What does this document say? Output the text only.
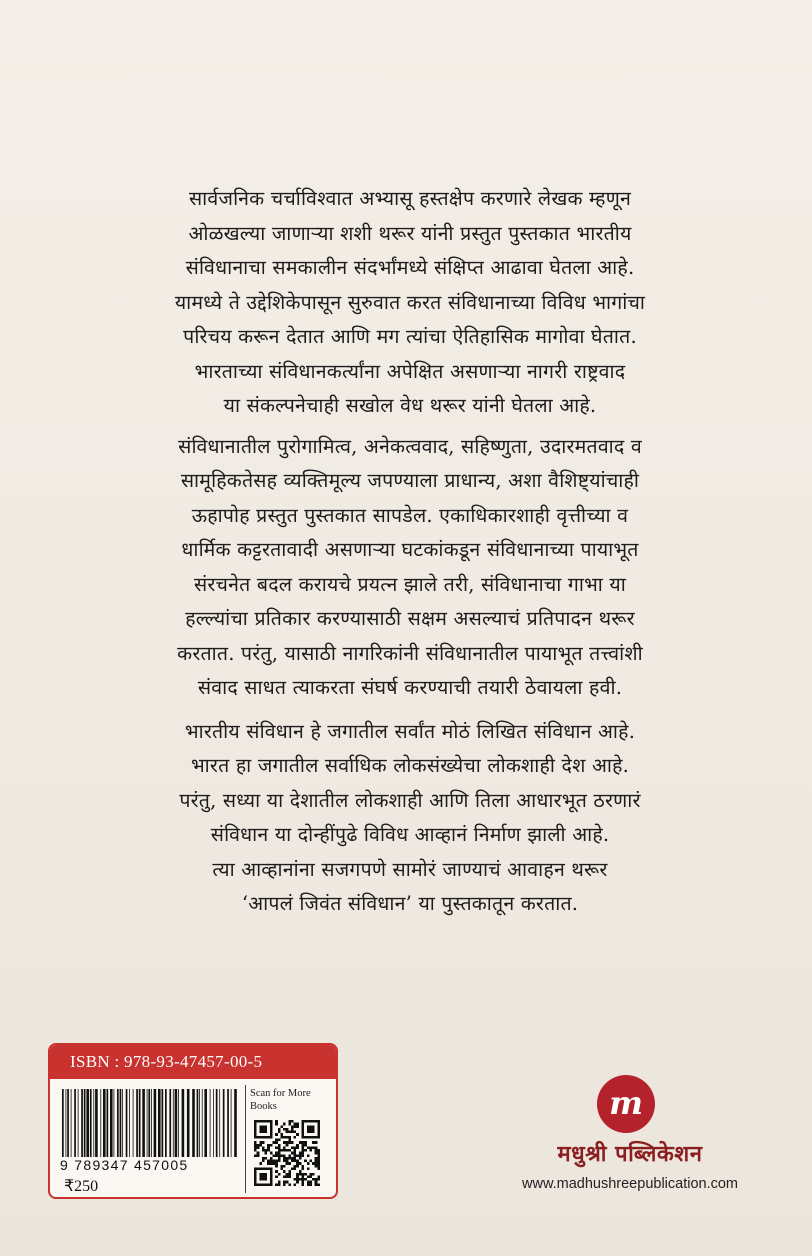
सार्वजनिक चर्चाविश्वात अभ्यासू हस्तक्षेप करणारे लेखक म्हणून
ओळखल्या जाणाऱ्या शशी थरूर यांनी प्रस्तुत पुस्तकात भारतीय
संविधानाचा समकालीन संदर्भांमध्ये संक्षिप्त आढावा घेतला आहे.
यामध्ये ते उद्देशिकेपासून सुरुवात करत संविधानाच्या विविध भागांचा
परिचय करून देतात आणि मग त्यांचा ऐतिहासिक मागोवा घेतात.
भारताच्या संविधानकर्त्यांना अपेक्षित असणाऱ्या नागरी राष्ट्रवाद
या संकल्पनेचाही सखोल वेध थरूर यांनी घेतला आहे.
संविधानातील पुरोगामित्व, अनेकत्ववाद, सहिष्णुता, उदारमतवाद व
सामूहिकतेसह व्यक्तिमूल्य जपण्याला प्राधान्य, अशा वैशिष्ट्यांचाही
ऊहापोह प्रस्तुत पुस्तकात सापडेल. एकाधिकारशाही वृत्तीच्या व
धार्मिक कट्टरतावादी असणाऱ्या घटकांकडून संविधानाच्या पायाभूत
संरचनेत बदल करायचे प्रयत्न झाले तरी, संविधानाचा गाभा या
हल्ल्यांचा प्रतिकार करण्यासाठी सक्षम असल्याचं प्रतिपादन थरूर
करतात. परंतु, यासाठी नागरिकांनी संविधानातील पायाभूत तत्त्वांशी
संवाद साधत त्याकरता संघर्ष करण्याची तयारी ठेवायला हवी.
भारतीय संविधान हे जगातील सर्वांत मोठं लिखित संविधान आहे.
भारत हा जगातील सर्वाधिक लोकसंख्येचा लोकशाही देश आहे.
परंतु, सध्या या देशातील लोकशाही आणि तिला आधारभूत ठरणारं
संविधान या दोन्हींपुढे विविध आव्हानं निर्माण झाली आहे.
त्या आव्हानांना सजगपणे सामोरं जाण्याचं आवाहन थरूर
‘आपलं जिवंत संविधान’ या पुस्तकातून करतात.
ISBN : 978-93-47457-00-5
9 789347 457005
₹250
Scan for More Books	m
मधुश्री पब्लिकेशन
www.madhushreepublication.com
